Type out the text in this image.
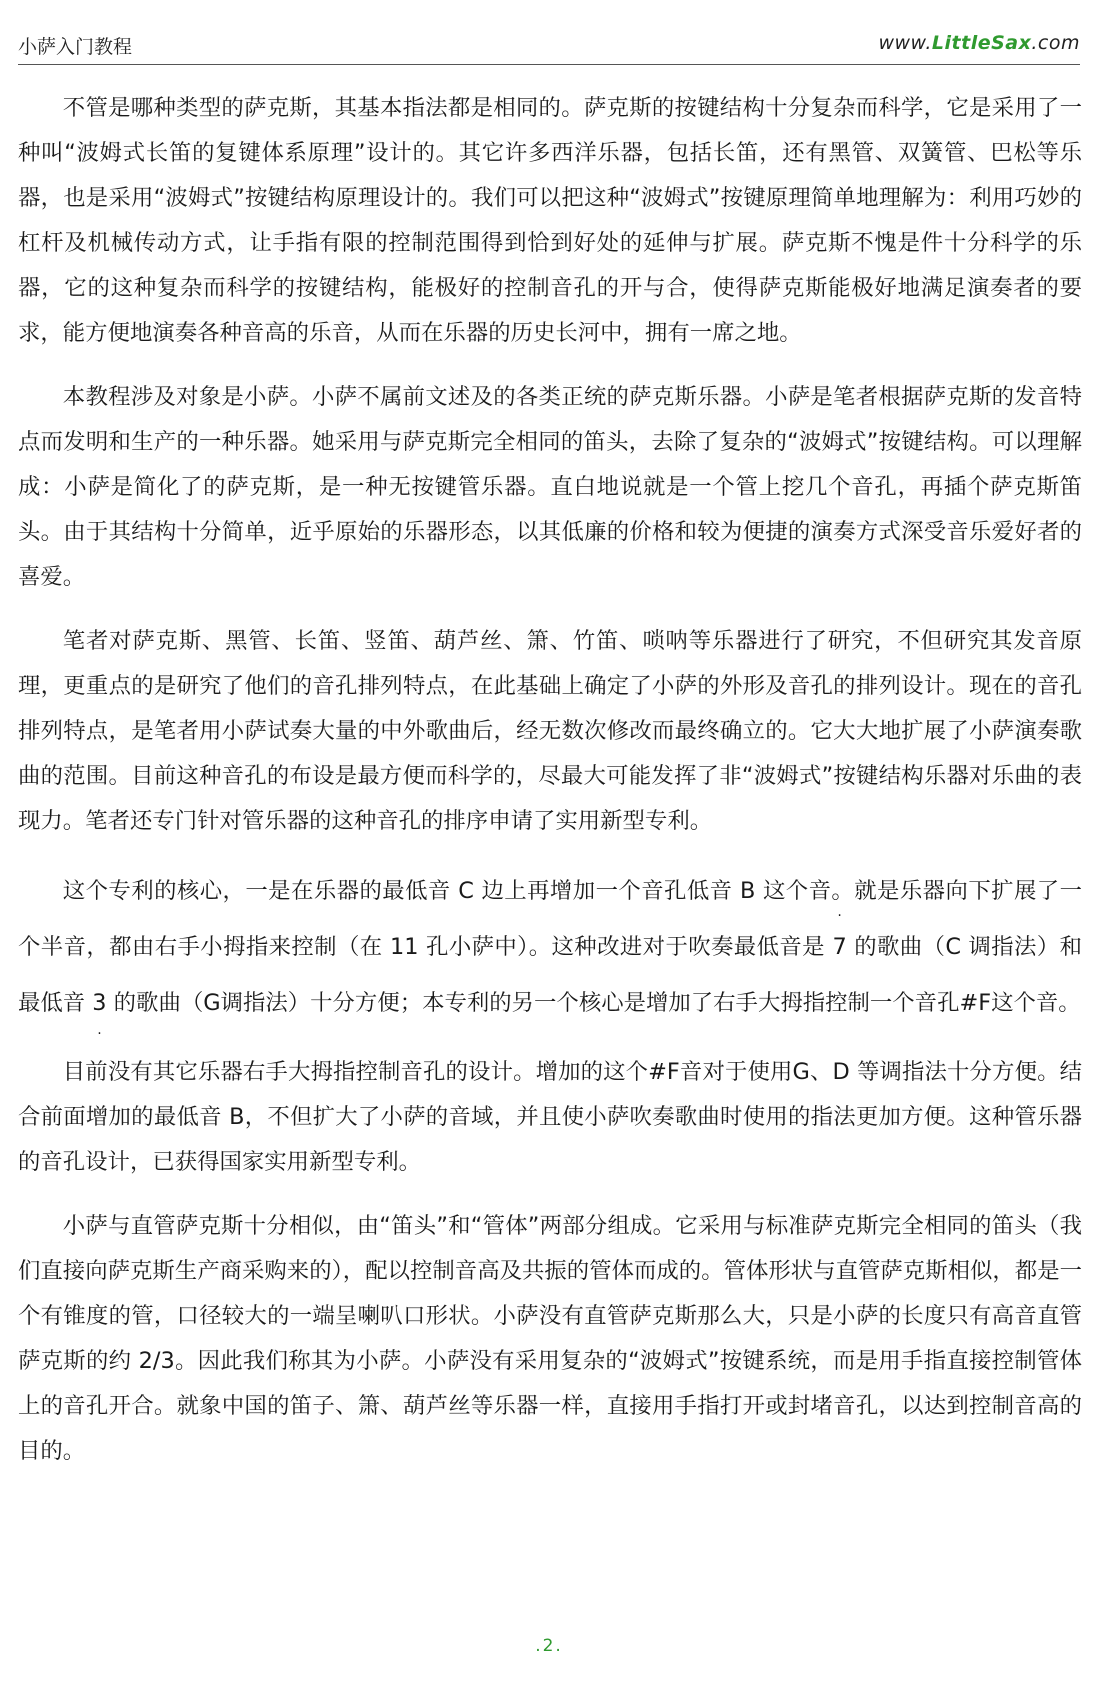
小萨入门教程	www.LittleSax.com

不管是哪种类型的萨克斯，其基本指法都是相同的。萨克斯的按键结构十分复杂而科学，它是采用了一种叫“波姆式长笛的复键体系原理”设计的。其它许多西洋乐器，包括长笛，还有黑管、双簧管、巴松等乐器，也是采用“波姆式”按键结构原理设计的。我们可以把这种“波姆式”按键原理简单地理解为：利用巧妙的杠杆及机械传动方式，让手指有限的控制范围得到恰到好处的延伸与扩展。萨克斯不愧是件十分科学的乐器，它的这种复杂而科学的按键结构，能极好的控制音孔的开与合，使得萨克斯能极好地满足演奏者的要求，能方便地演奏各种音高的乐音，从而在乐器的历史长河中，拥有一席之地。

本教程涉及对象是小萨。小萨不属前文述及的各类正统的萨克斯乐器。小萨是笔者根据萨克斯的发音特点而发明和生产的一种乐器。她采用与萨克斯完全相同的笛头，去除了复杂的“波姆式”按键结构。可以理解成：小萨是简化了的萨克斯，是一种无按键管乐器。直白地说就是一个管上挖几个音孔，再插个萨克斯笛头。由于其结构十分简单，近乎原始的乐器形态，以其低廉的价格和较为便捷的演奏方式深受音乐爱好者的喜爱。

笔者对萨克斯、黑管、长笛、竖笛、葫芦丝、箫、竹笛、唢呐等乐器进行了研究，不但研究其发音原理，更重点的是研究了他们的音孔排列特点，在此基础上确定了小萨的外形及音孔的排列设计。现在的音孔排列特点，是笔者用小萨试奏大量的中外歌曲后，经无数次修改而最终确立的。它大大地扩展了小萨演奏歌曲的范围。目前这种音孔的布设是最方便而科学的，尽最大可能发挥了非“波姆式”按键结构乐器对乐曲的表现力。笔者还专门针对管乐器的这种音孔的排序申请了实用新型专利。

这个专利的核心，一是在乐器的最低音 C 边上再增加一个音孔低音 B 这个音。就是乐器向下扩展了一个半音，都由右手小拇指来控制（在 11 孔小萨中）。这种改进对于吹奏最低音是
·
7 的歌曲（C 调指法）和最低音 3
·
的歌曲（G调指法）十分方便；本专利的另一个核心是增加了右手大拇指控制一个音孔#F这个音。

目前没有其它乐器右手大拇指控制音孔的设计。增加的这个#F音对于使用G、D 等调指法十分方便。结合前面增加的最低音 B，不但扩大了小萨的音域，并且使小萨吹奏歌曲时使用的指法更加方便。这种管乐器的音孔设计，已获得国家实用新型专利。

小萨与直管萨克斯十分相似，由“笛头”和“管体”两部分组成。它采用与标准萨克斯完全相同的笛头（我们直接向萨克斯生产商采购来的），配以控制音高及共振的管体而成的。管体形状与直管萨克斯相似，都是一个有锥度的管，口径较大的一端呈喇叭口形状。小萨没有直管萨克斯那么大，只是小萨的长度只有高音直管萨克斯的约 2/3。因此我们称其为小萨。小萨没有采用复杂的“波姆式”按键系统，而是用手指直接控制管体上的音孔开合。就象中国的笛子、箫、葫芦丝等乐器一样，直接用手指打开或封堵音孔，以达到控制音高的目的。

.2.
